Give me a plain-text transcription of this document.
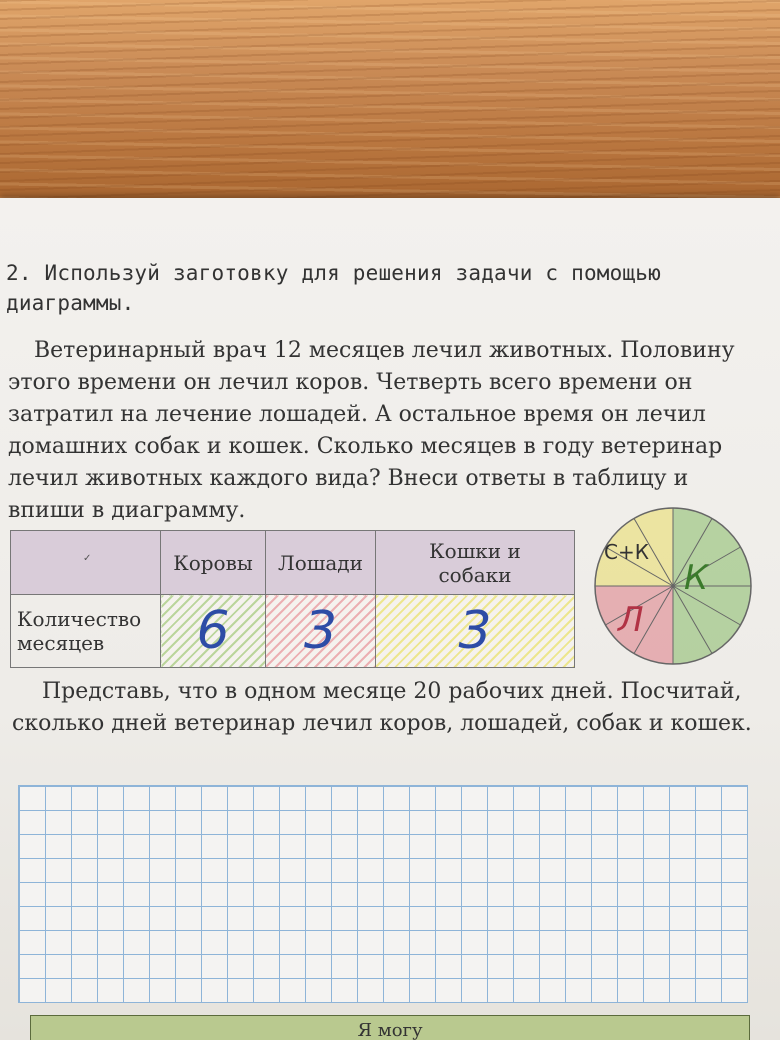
2. Используй заготовку для решения задачи с помощью диаграммы.
Ветеринарный врач 12 месяцев лечил животных. Половину этого времени он лечил коров. Четверть всего времени он затратил на лечение лошадей. А остальное время он лечил домашних собак и кошек. Сколько месяцев в году ветеринар лечил животных каждого вида? Внеси ответы в таблицу и впиши в диаграмму.
✓	Коровы	Лошади	Кошки и собаки
Количество месяцев	6	3	3
С+К
К
Л
Представь, что в одном месяце 20 рабочих дней. Посчитай, сколько дней ветеринар лечил коров, лошадей, собак и кошек.
Я могу
